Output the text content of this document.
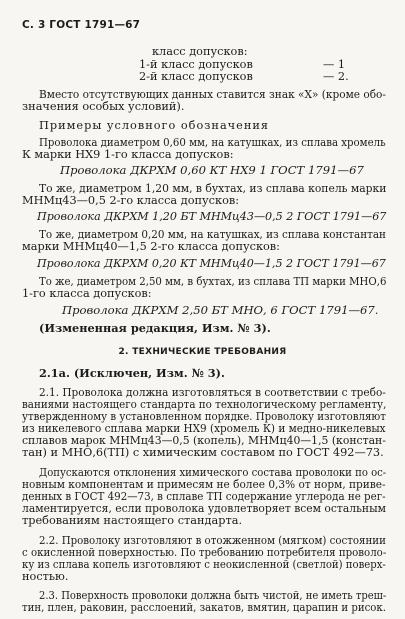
С. 3 ГОСТ 1791—67
класс допусков:
1-й класс допусков	— 1
2-й класс допусков	— 2.
Вместо отсутствующих данных ставится знак «X» (кроме обо-
значения особых условий).
Примеры условного обозначения
Проволока диаметром 0,60 мм, на катушках, из сплава хромель
К марки НХ9 1-го класса допусков:
Проволока ДКРХМ 0,60 КТ НХ9 1 ГОСТ 1791—67
То же, диаметром 1,20 мм, в бухтах, из сплава копель марки
МНМц43—0,5 2-го класса допусков:
Проволока ДКРХМ 1,20 БТ МНМц43—0,5 2 ГОСТ 1791—67
То же, диаметром 0,20 мм, на катушках, из сплава константан
марки МНМц40—1,5 2-го класса допусков:
Проволока ДКРХМ 0,20 КТ МНМц40—1,5 2 ГОСТ 1791—67
То же, диаметром 2,50 мм, в бухтах, из сплава ТП марки МНО,6
1-го класса допусков:
Проволока ДКРХМ 2,50 БТ МНО, 6 ГОСТ 1791—67.
(Измененная редакция, Изм. № 3).
2. ТЕХНИЧЕСКИЕ ТРЕБОВАНИЯ
2.1а. (Исключен, Изм. № 3).
2.1. Проволока должна изготовляться в соответствии с требо-
ваниями настоящего стандарта по технологическому регламенту,
утвержденному в установленном порядке. Проволоку изготовляют
из никелевого сплава марки НХ9 (хромель К) и медно-никелевых
сплавов марок МНМц43—0,5 (копель), МНМц40—1,5 (констан-
тан) и МНО,6(ТП) с химическим составом по ГОСТ 492—73.
Допускаются отклонения химического состава проволоки по ос-
новным компонентам и примесям не более 0,3% от норм, приве-
денных в ГОСТ 492—73, в сплаве ТП содержание углерода не рег-
ламентируется, если проволока удовлетворяет всем остальным
требованиям настоящего стандарта.
2.2. Проволоку изготовляют в отожженном (мягком) состоянии
с окисленной поверхностью. По требованию потребителя проволо-
ку из сплава копель изготовляют с неокисленной (светлой) поверх-
ностью.
2.3. Поверхность проволоки должна быть чистой, не иметь треш-
тин, плен, раковин, расслоений, закатов, вмятин, царапин и рисок.
